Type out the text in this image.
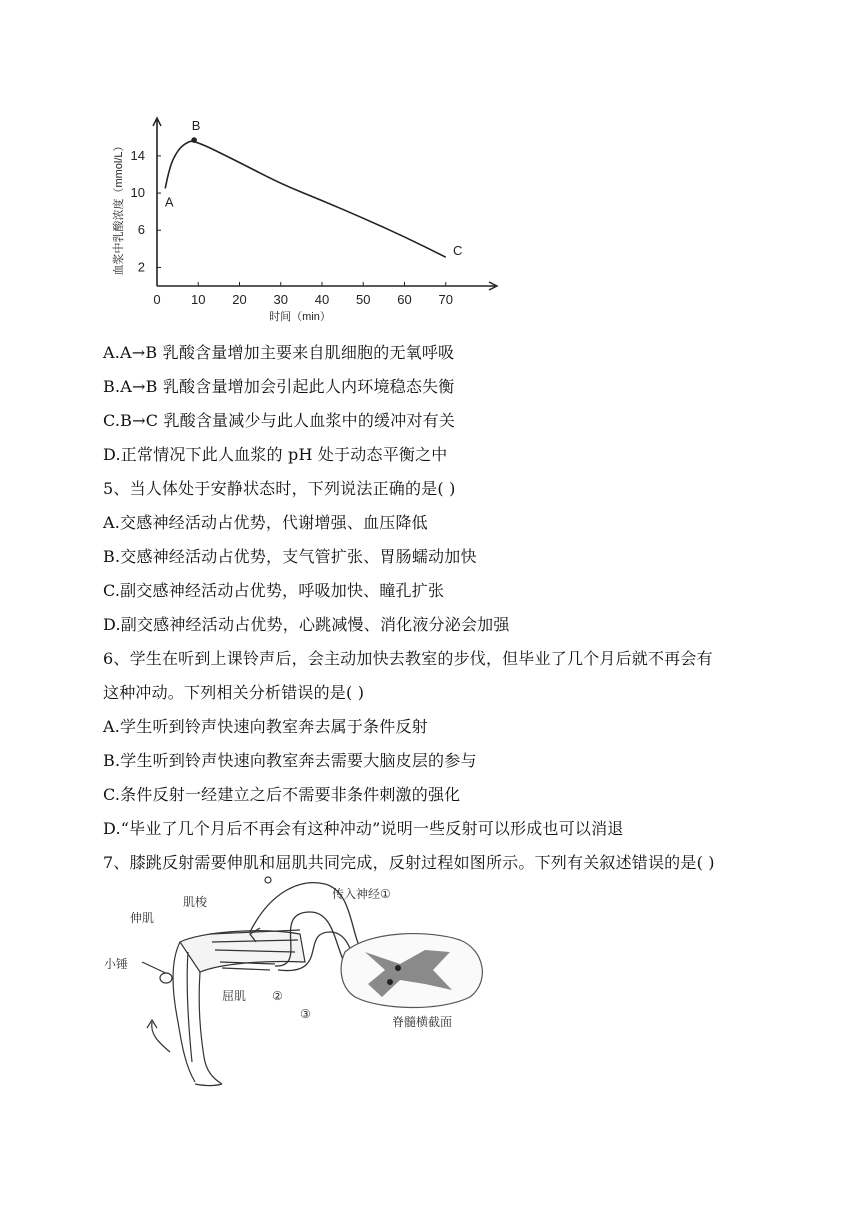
0 10 20 30 40 50 60 70
2
6
10
14
A
B
C
血浆中乳酸浓度（mmol/L）
时间（min）
A.A→B 乳酸含量增加主要来自肌细胞的无氧呼吸
B.A→B 乳酸含量增加会引起此人内环境稳态失衡
C.B→C 乳酸含量减少与此人血浆中的缓冲对有关
D.正常情况下此人血浆的 pH 处于动态平衡之中
5、当人体处于安静状态时，下列说法正确的是( )
A.交感神经活动占优势，代谢增强、血压降低
B.交感神经活动占优势，支气管扩张、胃肠蠕动加快
C.副交感神经活动占优势，呼吸加快、瞳孔扩张
D.副交感神经活动占优势，心跳减慢、消化液分泌会加强
6、学生在听到上课铃声后，会主动加快去教室的步伐，但毕业了几个月后就不再会有
这种冲动。下列相关分析错误的是( )
A.学生听到铃声快速向教室奔去属于条件反射
B.学生听到铃声快速向教室奔去需要大脑皮层的参与
C.条件反射一经建立之后不需要非条件刺激的强化
D.“毕业了几个月后不再会有这种冲动”说明一些反射可以形成也可以消退
7、膝跳反射需要伸肌和屈肌共同完成，反射过程如图所示。下列有关叙述错误的是( )
肌梭
伸肌
小锤
屈肌
传入神经①
②
③
脊髓横截面
